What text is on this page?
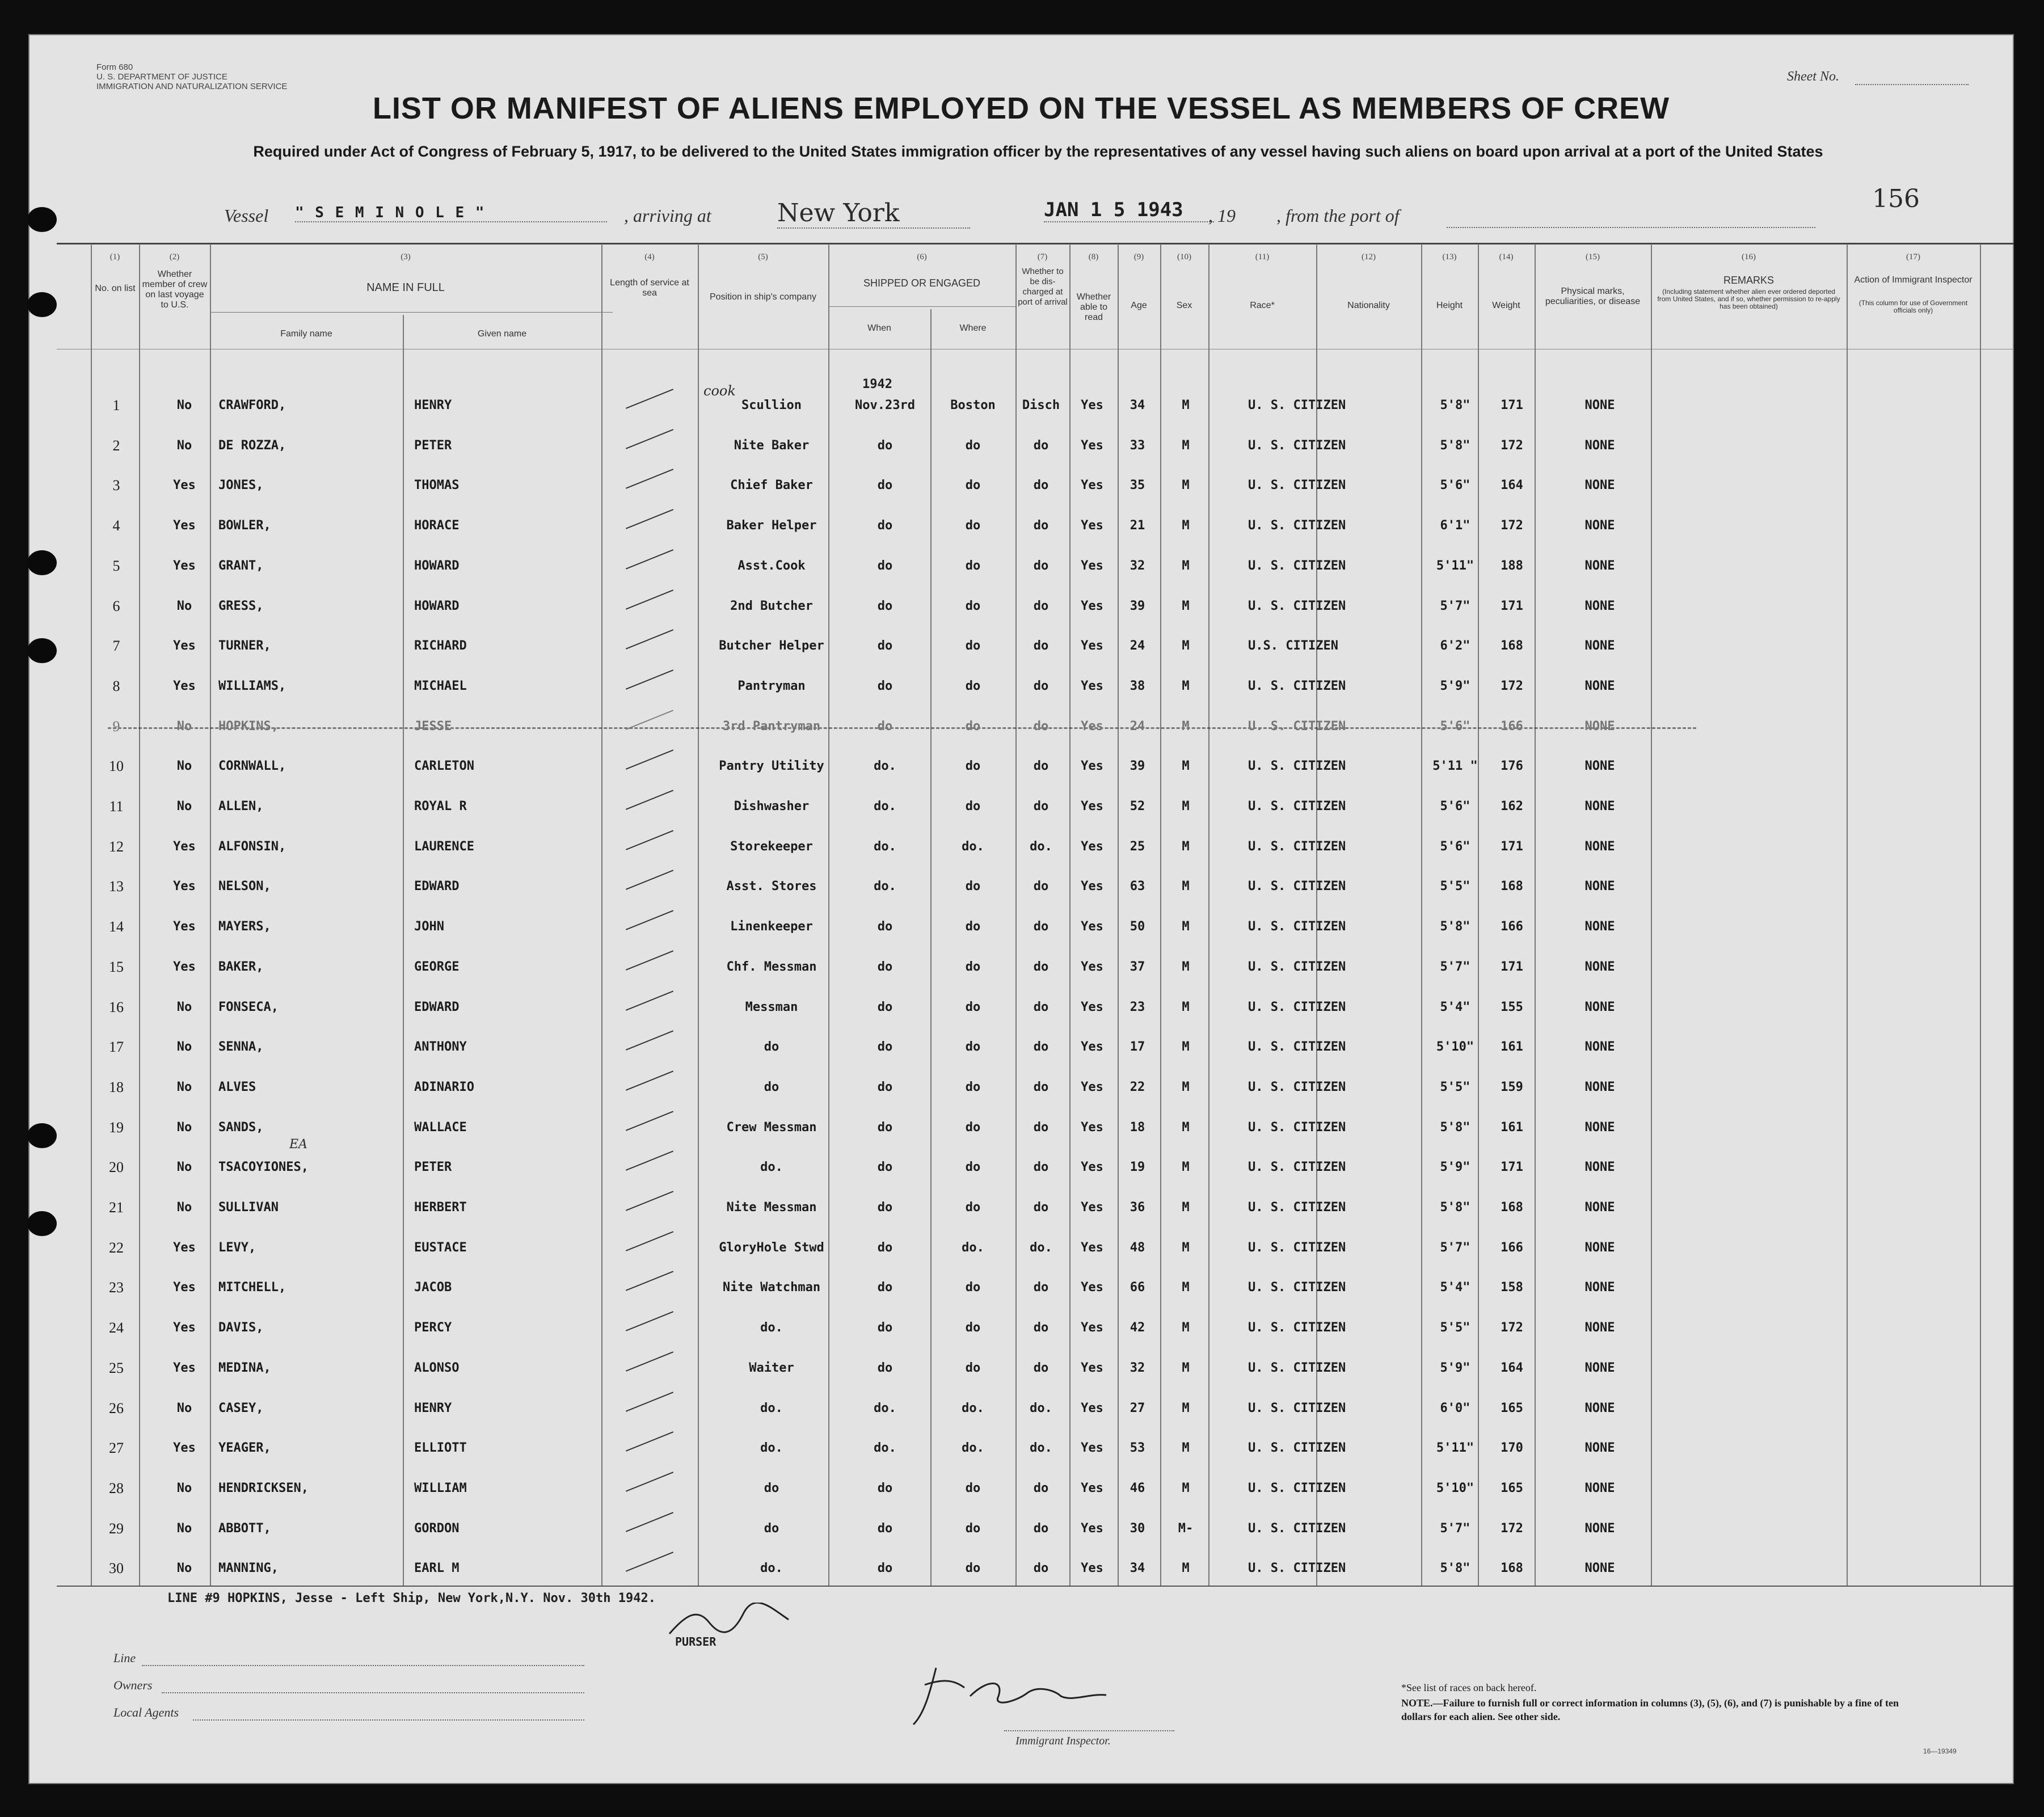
Form 680
U. S. DEPARTMENT OF JUSTICE
IMMIGRATION AND NATURALIZATION SERVICE
Sheet No.
LIST OR MANIFEST OF ALIENS EMPLOYED ON THE VESSEL AS MEMBERS OF CREW
Required under Act of Congress of February 5, 1917, to be delivered to the United States immigration officer by the representatives of any vessel having such aliens on board upon arrival at a port of the United States
Vessel " S E M I N O L E "	, arriving at	New York	JAN 1 5 1943	, 19 , from the port of
156
(1)	(2)	(3)	(4)	(5)	(6)	(7)	(8)	(9)	(10)	(11)	(12)	(13)	(14)	(15)	(16)	(17)
No. on list
Whether member of crew on last voyage to U.S.
NAME IN FULL
Family name	Given name
Length of service at sea	Position in ship's company
SHIPPED OR ENGAGED
When	Where
Whether to be dis-charged at port of arrival
Whether able to read
Age	Sex	Race*	Nationality	Height	Weight
Physical marks, peculiarities, or disease
REMARKS
(Including statement whether alien ever ordered deported from United States, and if so, whether permission to re-apply has been obtained)
Action of Immigrant Inspector
(This column for use of Government officials only)
1942
cook
1	No	CRAWFORD,	HENRY	Scullion	Nov.23rd	Boston	Disch	Yes	34	M	U. S. CITIZEN	5'8"	171	NONE
2	No	DE ROZZA,	PETER	Nite Baker	do	do	do	Yes	33	M	U. S. CITIZEN	5'8"	172	NONE
3	Yes	JONES,	THOMAS	Chief Baker	do	do	do	Yes	35	M	U. S. CITIZEN	5'6"	164	NONE
4	Yes	BOWLER,	HORACE	Baker Helper	do	do	do	Yes	21	M	U. S. CITIZEN	6'1"	172	NONE
5	Yes	GRANT,	HOWARD	Asst.Cook	do	do	do	Yes	32	M	U. S. CITIZEN	5'11"	188	NONE
6	No	GRESS,	HOWARD	2nd Butcher	do	do	do	Yes	39	M	U. S. CITIZEN	5'7"	171	NONE
7	Yes	TURNER,	RICHARD	Butcher Helper	do	do	do	Yes	24	M	U.S. CITIZEN	6'2"	168	NONE
8	Yes	WILLIAMS,	MICHAEL	Pantryman	do	do	do	Yes	38	M	U. S. CITIZEN	5'9"	172	NONE
9	No	HOPKINS,	JESSE	3rd Pantryman	do	do	do	Yes	24	M	U. S. CITIZEN	5'6"	166	NONE
10	No	CORNWALL,	CARLETON	Pantry Utility	do.	do	do	Yes	39	M	U. S. CITIZEN	5'11 "	176	NONE
11	No	ALLEN,	ROYAL R	Dishwasher	do.	do	do	Yes	52	M	U. S. CITIZEN	5'6"	162	NONE
12	Yes	ALFONSIN,	LAURENCE	Storekeeper	do.	do.	do.	Yes	25	M	U. S. CITIZEN	5'6"	171	NONE
13	Yes	NELSON,	EDWARD	Asst. Stores	do.	do	do	Yes	63	M	U. S. CITIZEN	5'5"	168	NONE
14	Yes	MAYERS,	JOHN	Linenkeeper	do	do	do	Yes	50	M	U. S. CITIZEN	5'8"	166	NONE
15	Yes	BAKER,	GEORGE	Chf. Messman	do	do	do	Yes	37	M	U. S. CITIZEN	5'7"	171	NONE
16	No	FONSECA,	EDWARD	Messman	do	do	do	Yes	23	M	U. S. CITIZEN	5'4"	155	NONE
17	No	SENNA,	ANTHONY	do	do	do	do	Yes	17	M	U. S. CITIZEN	5'10"	161	NONE
18	No	ALVES	ADINARIO	do	do	do	do	Yes	22	M	U. S. CITIZEN	5'5"	159	NONE
19	No	SANDS,	WALLACE	Crew Messman	do	do	do	Yes	18	M	U. S. CITIZEN	5'8"	161	NONE
20	No	TSACOYIONES,	PETER	do.	do	do	do	Yes	19	M	U. S. CITIZEN	5'9"	171	NONE
EA
21	No	SULLIVAN	HERBERT	Nite Messman	do	do	do	Yes	36	M	U. S. CITIZEN	5'8"	168	NONE
22	Yes	LEVY,	EUSTACE	GloryHole Stwd	do	do.	do.	Yes	48	M	U. S. CITIZEN	5'7"	166	NONE
23	Yes	MITCHELL,	JACOB	Nite Watchman	do	do	do	Yes	66	M	U. S. CITIZEN	5'4"	158	NONE
24	Yes	DAVIS,	PERCY	do.	do	do	do	Yes	42	M	U. S. CITIZEN	5'5"	172	NONE
25	Yes	MEDINA,	ALONSO	Waiter	do	do	do	Yes	32	M	U. S. CITIZEN	5'9"	164	NONE
26	No	CASEY,	HENRY	do.	do.	do.	do.	Yes	27	M	U. S. CITIZEN	6'0"	165	NONE
27	Yes	YEAGER,	ELLIOTT	do.	do.	do.	do.	Yes	53	M	U. S. CITIZEN	5'11"	170	NONE
28	No	HENDRICKSEN,	WILLIAM	do	do	do	do	Yes	46	M	U. S. CITIZEN	5'10"	165	NONE
29	No	ABBOTT,	GORDON	do	do	do	do	Yes	30	M-	U. S. CITIZEN	5'7"	172	NONE
30	No	MANNING,	EARL M	do.	do	do	do	Yes	34	M	U. S. CITIZEN	5'8"	168	NONE
LINE #9 HOPKINS, Jesse - Left Ship, New York,N.Y. Nov. 30th 1942.
PURSER
Line
Owners
Local Agents
Immigrant Inspector.
*See list of races on back hereof.
NOTE.—Failure to furnish full or correct information in columns (3), (5), (6), and (7) is punishable by a fine of ten dollars for each alien. See other side.
16—19349
